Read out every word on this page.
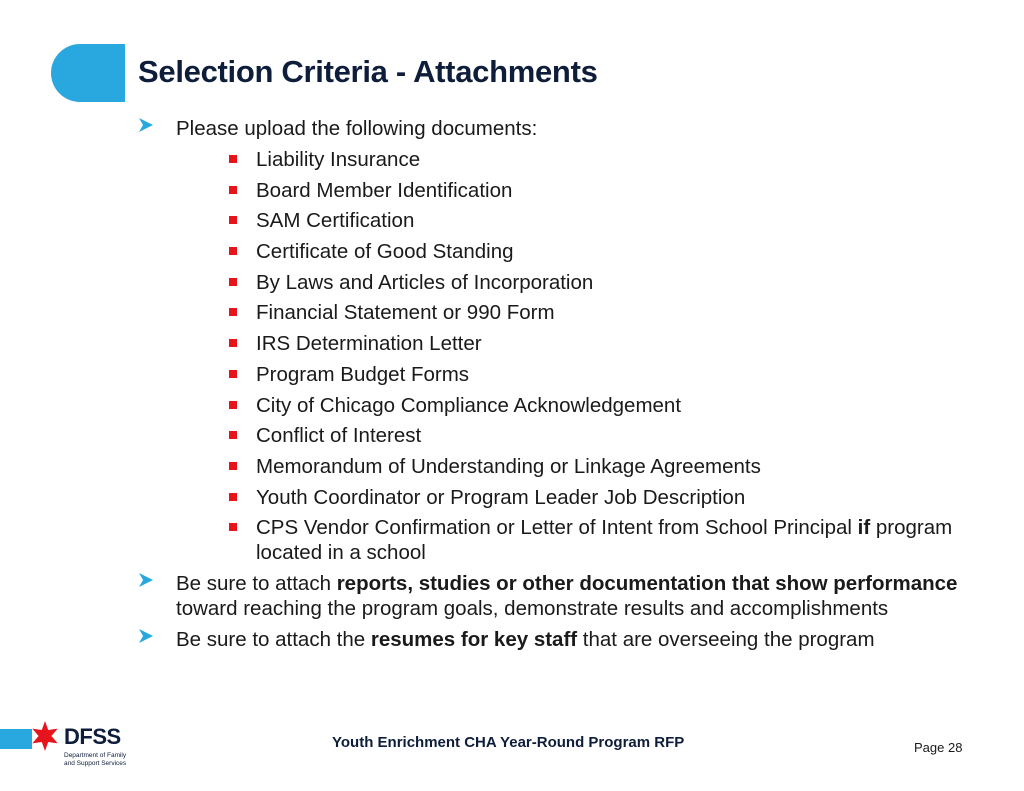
Selection Criteria - Attachments
Please upload the following documents:
Liability Insurance
Board Member Identification
SAM Certification
Certificate of Good Standing
By Laws and Articles of Incorporation
Financial Statement or 990 Form
IRS Determination Letter
Program Budget Forms
City of Chicago Compliance Acknowledgement
Conflict of Interest
Memorandum of Understanding or Linkage Agreements
Youth Coordinator or Program Leader Job Description
CPS Vendor Confirmation or Letter of Intent from School Principal if program located in a school
Be sure to attach reports, studies or other documentation that show performance toward reaching the program goals, demonstrate results and accomplishments
Be sure to attach the resumes for key staff that are overseeing the program
DFSS
Department of Family
and Support Services
Youth Enrichment CHA Year-Round Program RFP	Page 28
